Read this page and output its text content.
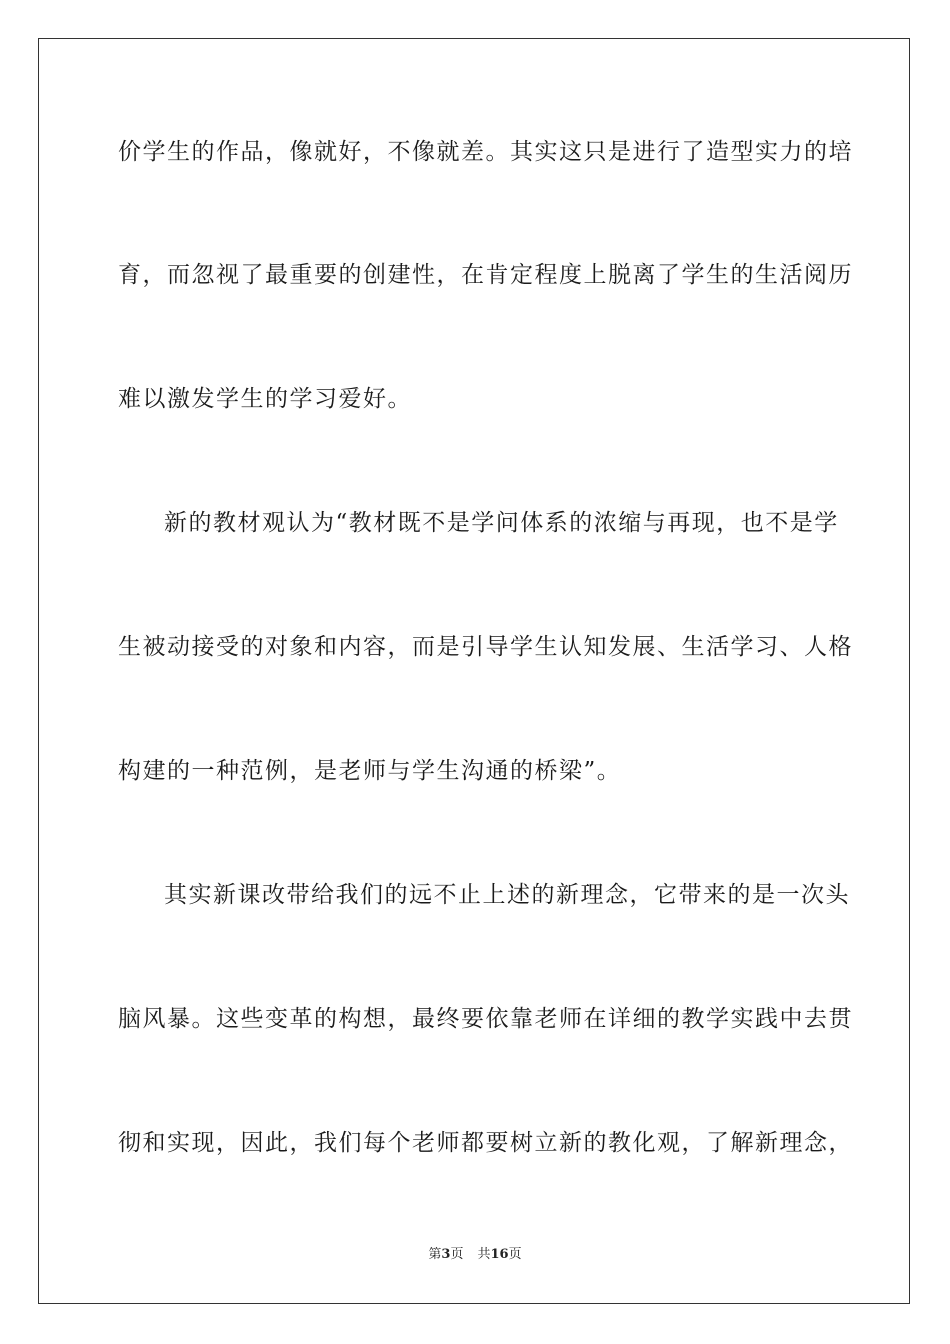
价学生的作品，像就好，不像就差。其实这只是进行了造型实力的培
育，而忽视了最重要的创建性，在肯定程度上脱离了学生的生活阅历
难以激发学生的学习爱好。
新的教材观认为“教材既不是学问体系的浓缩与再现，也不是学
生被动接受的对象和内容，而是引导学生认知发展、生活学习、人格
构建的一种范例，是老师与学生沟通的桥梁”。
其实新课改带给我们的远不止上述的新理念，它带来的是一次头
脑风暴。这些变革的构想，最终要依靠老师在详细的教学实践中去贯
彻和实现，因此，我们每个老师都要树立新的教化观，了解新理念，
第3页 共16页
